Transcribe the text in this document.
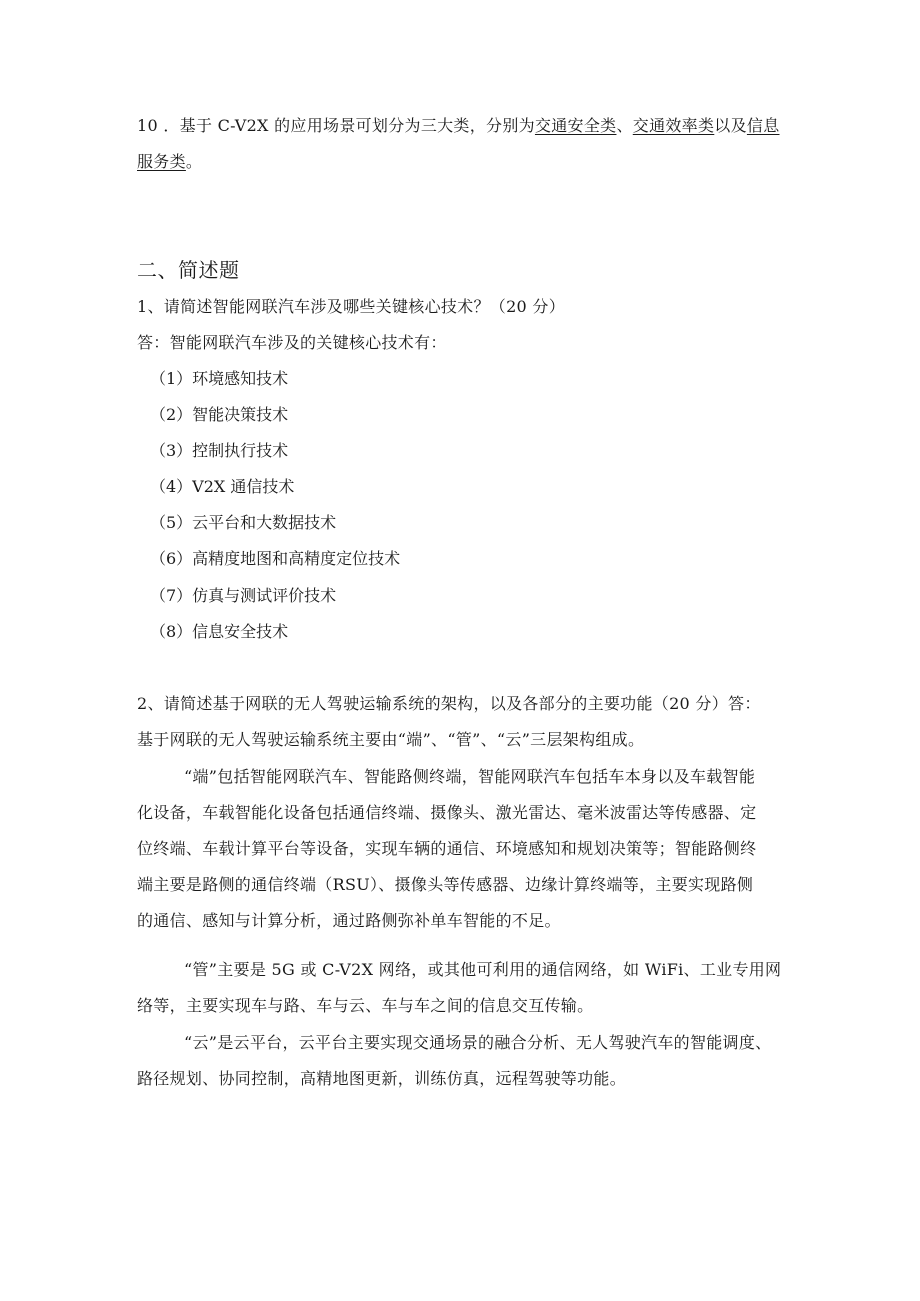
10 ．基于 C-V2X 的应用场景可划分为三大类，分别为交通安全类、交通效率类以及信息
服务类。
二、简述题
1、请简述智能网联汽车涉及哪些关键核心技术？（20 分）
答：智能网联汽车涉及的关键核心技术有：
（1）环境感知技术
（2）智能决策技术
（3）控制执行技术
（4）V2X 通信技术
（5）云平台和大数据技术
（6）高精度地图和高精度定位技术
（7）仿真与测试评价技术
（8）信息安全技术
2、请简述基于网联的无人驾驶运输系统的架构，以及各部分的主要功能（20 分）答：
基于网联的无人驾驶运输系统主要由“端”、“管”、“云”三层架构组成。
“端”包括智能网联汽车、智能路侧终端，智能网联汽车包括车本身以及车载智能
化设备，车载智能化设备包括通信终端、摄像头、激光雷达、毫米波雷达等传感器、定
位终端、车载计算平台等设备，实现车辆的通信、环境感知和规划决策等；智能路侧终
端主要是路侧的通信终端（RSU）、摄像头等传感器、边缘计算终端等，主要实现路侧
的通信、感知与计算分析，通过路侧弥补单车智能的不足。
“管”主要是 5G 或 C-V2X 网络，或其他可利用的通信网络，如 WiFi、工业专用网
络等，主要实现车与路、车与云、车与车之间的信息交互传输。
“云”是云平台，云平台主要实现交通场景的融合分析、无人驾驶汽车的智能调度、
路径规划、协同控制，高精地图更新，训练仿真，远程驾驶等功能。
